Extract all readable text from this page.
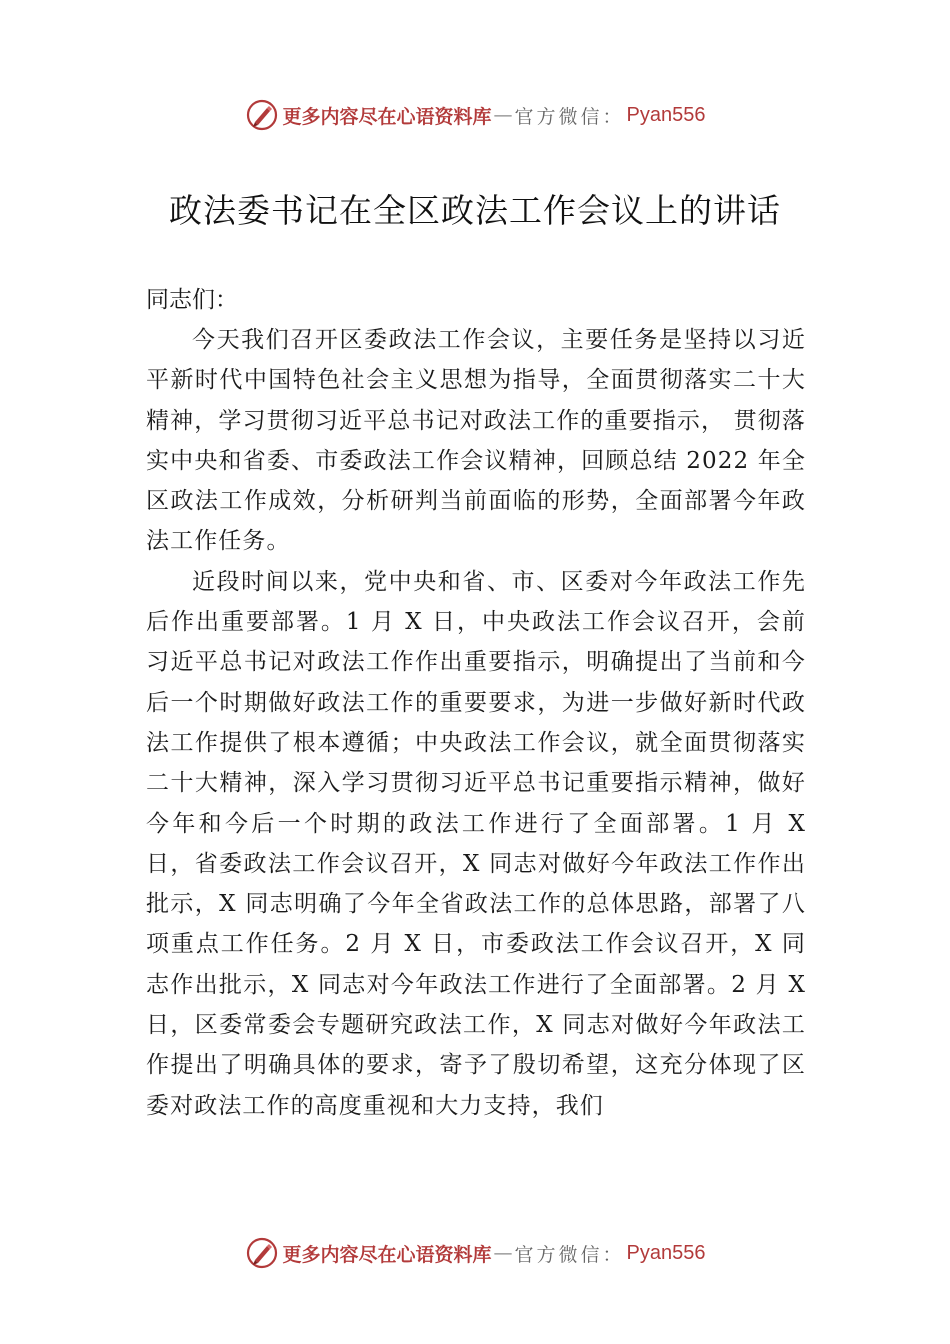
更多内容尽在心语资料库 — 官方微信： Pyan556
政法委书记在全区政法工作会议上的讲话

同志们：

今天我们召开区委政法工作会议，主要任务是坚持以习近平新时代中国特色社会主义思想为指导，全面贯彻落实二十大精神，学习贯彻习近平总书记对政法工作的重要指示， 贯彻落实中央和省委、市委政法工作会议精神，回顾总结 2022 年全区政法工作成效，分析研判当前面临的形势，全面部署今年政法工作任务。

近段时间以来，党中央和省、市、区委对今年政法工作先后作出重要部署。1 月 X 日，中央政法工作会议召开，会前习近平总书记对政法工作作出重要指示，明确提出了当前和今后一个时期做好政法工作的重要要求，为进一步做好新时代政法工作提供了根本遵循；中央政法工作会议，就全面贯彻落实二十大精神，深入学习贯彻习近平总书记重要指示精神，做好今年和今后一个时期的政法工作进行了全面部署。1 月 X 日，省委政法工作会议召开，X 同志对做好今年政法工作作出批示，X 同志明确了今年全省政法工作的总体思路，部署了八项重点工作任务。2 月 X 日，市委政法工作会议召开，X 同志作出批示，X 同志对今年政法工作进行了全面部署。2 月 X 日，区委常委会专题研究政法工作，X 同志对做好今年政法工作提出了明确具体的要求，寄予了殷切希望，这充分体现了区委对政法工作的高度重视和大力支持，我们

更多内容尽在心语资料库 — 官方微信： Pyan556
